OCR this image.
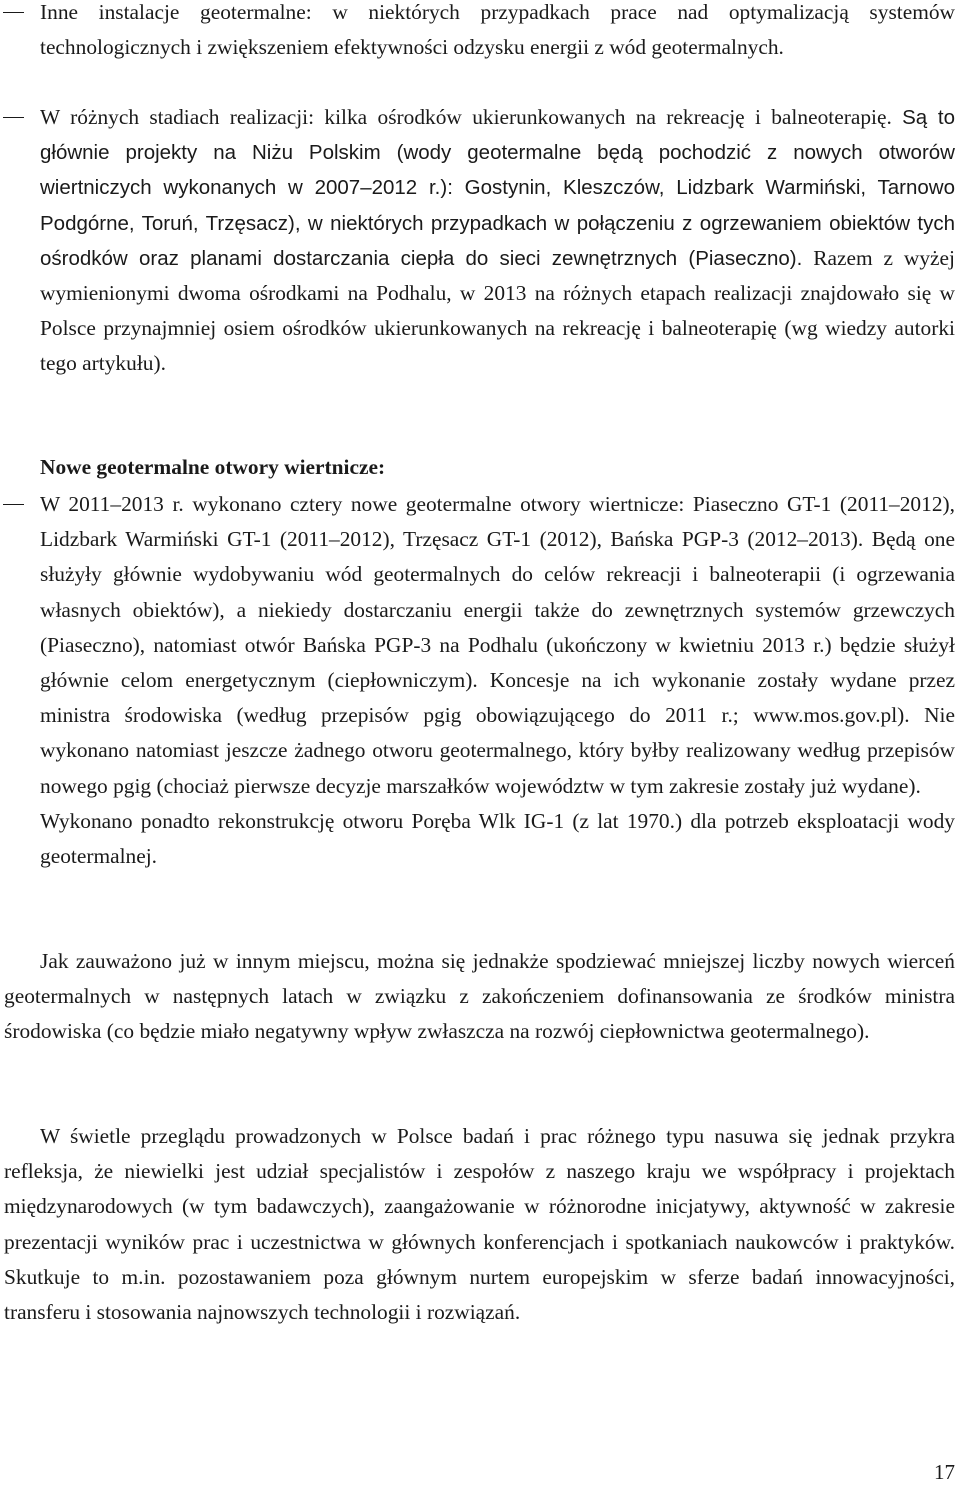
Inne instalacje geotermalne: w niektórych przypadkach prace nad optymalizacją systemów technologicznych i zwiększeniem efektywności odzysku energii z wód geotermalnych.

W różnych stadiach realizacji: kilka ośrodków ukierunkowanych na rekreację i balneoterapię. Są to głównie projekty na Niżu Polskim (wody geotermalne będą pochodzić z nowych otworów wiertniczych wykonanych w 2007–2012 r.): Gostynin, Kleszczów, Lidzbark Warmiński, Tarnowo Podgórne, Toruń, Trzęsacz), w niektórych przypadkach w połączeniu z ogrzewaniem obiektów tych ośrodków oraz planami dostarczania ciepła do sieci zewnętrznych (Piaseczno). Razem z wyżej wymienionymi dwoma ośrodkami na Podhalu, w 2013 na różnych etapach realizacji znajdowało się w Polsce przynajmniej osiem ośrodków ukierunkowanych na rekreację i balneoterapię (wg wiedzy autorki tego artykułu).

Nowe geotermalne otwory wiertnicze:

W 2011–2013 r. wykonano cztery nowe geotermalne otwory wiertnicze: Piaseczno GT-1 (2011–2012), Lidzbark Warmiński GT-1 (2011–2012), Trzęsacz GT-1 (2012), Bańska PGP-3 (2012–2013). Będą one służyły głównie wydobywaniu wód geotermalnych do celów rekreacji i balneoterapii (i ogrzewania własnych obiektów), a niekiedy dostarczaniu energii także do zewnętrznych systemów grzewczych (Piaseczno), natomiast otwór Bańska PGP-3 na Podhalu (ukończony w kwietniu 2013 r.) będzie służył głównie celom energetycznym (ciepłowniczym). Koncesje na ich wykonanie zostały wydane przez ministra środowiska (według przepisów pgig obowiązującego do 2011 r.; www.mos.gov.pl). Nie wykonano natomiast jeszcze żadnego otworu geotermalnego, który byłby realizowany według przepisów nowego pgig (chociaż pierwsze decyzje marszałków województw w tym zakresie zostały już wydane).

Wykonano ponadto rekonstrukcję otworu Poręba Wlk IG-1 (z lat 1970.) dla potrzeb eksploatacji wody geotermalnej.

Jak zauważono już w innym miejscu, można się jednakże spodziewać mniejszej liczby nowych wierceń geotermalnych w następnych latach w związku z zakończeniem dofinansowania ze środków ministra środowiska (co będzie miało negatywny wpływ zwłaszcza na rozwój ciepłownictwa geotermalnego).

W świetle przeglądu prowadzonych w Polsce badań i prac różnego typu nasuwa się jednak przykra refleksja, że niewielki jest udział specjalistów i zespołów z naszego kraju we współpracy i projektach międzynarodowych (w tym badawczych), zaangażowanie w różnorodne inicjatywy, aktywność w zakresie prezentacji wyników prac i uczestnictwa w głównych konferencjach i spotkaniach naukowców i praktyków. Skutkuje to m.in. pozostawaniem poza głównym nurtem europejskim w sferze badań innowacyjności, transferu i stosowania najnowszych technologii i rozwiązań.

17
